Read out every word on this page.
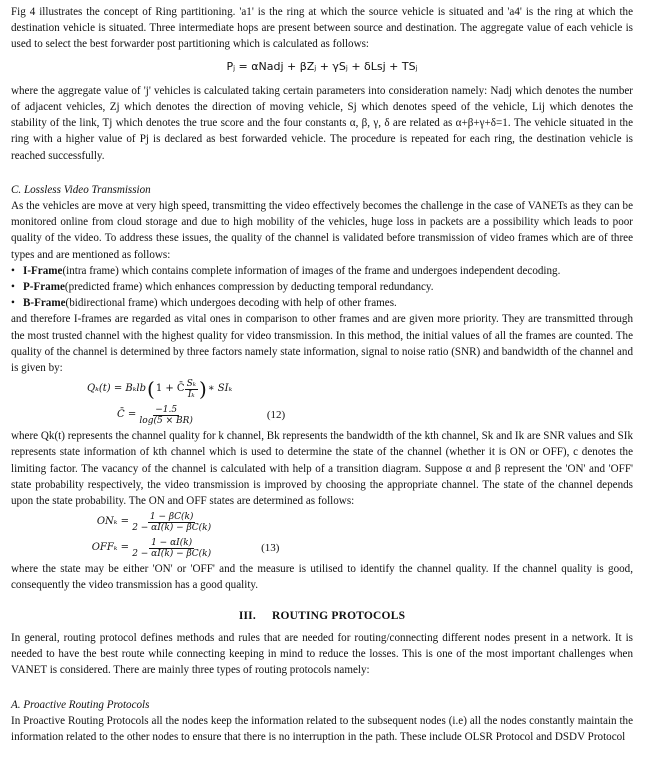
Fig 4 illustrates the concept of Ring partitioning. 'a1' is the ring at which the source vehicle is situated and 'a4' is the ring at which the destination vehicle is situated. Three intermediate hops are present between source and destination. The aggregate value of each vehicle is used to select the best forwarder post partitioning which is calculated as follows:

Pⱼ = αNadj + βZⱼ + γSⱼ + δLsj + TSⱼ

where the aggregate value of 'j' vehicles is calculated taking certain parameters into consideration namely: Nadj which denotes the number of adjacent vehicles, Zj which denotes the direction of moving vehicle, Sj which denotes speed of the vehicle, Lij which denotes the stability of the link, Tj which denotes the true score and the four constants α, β, γ, δ are related as α+β+γ+δ=1. The vehicle situated in the ring with a higher value of Pj is declared as best forwarded vehicle. The procedure is repeated for each ring, the destination vehicle is reached successfully.

C. Lossless Video Transmission

As the vehicles are move at very high speed, transmitting the video effectively becomes the challenge in the case of VANETs as they can be monitored online from cloud storage and due to high mobility of the vehicles, huge loss in packets are a possibility which leads to poor quality of the video. To address these issues, the quality of the channel is validated before transmission of video frames which are of three types and are mentioned as follows:

• I-Frame(intra frame) which contains complete information of images of the frame and undergoes independent decoding.
• P-Frame(predicted frame) which enhances compression by deducting temporal redundancy.
• B-Frame(bidirectional frame) which undergoes decoding with help of other frames.

and therefore I-frames are regarded as vital ones in comparison to other frames and are given more priority. They are transmitted through the most trusted channel with the highest quality for video transmission. In this method, the initial values of all the frames are counted. The quality of the channel is determined by three factors namely state information, signal to noise ratio (SNR) and bandwidth of the channel and is given by:

Qₖ(t) = Bₖlb ( 1 + C̄ $\frac{\text{Sₖ}}{\text{Iₖ}}$ ) ∗ SIₖ
C̄ =
$\frac{-1.5}{\log(5 \times BR)}$	(12)

where Qk(t) represents the channel quality for k channel, Bk represents the bandwidth of the kth channel, Sk and Ik are SNR values and SIk represents state information of kth channel which is used to determine the state of the channel (whether it is ON or OFF), c denotes the limiting factor. The vacancy of the channel is calculated with help of a transition diagram. Suppose α and β represent the 'ON' and 'OFF' state probability respectively, the video transmission is improved by choosing the appropriate channel. The state of the channel depends upon the state probability. The ON and OFF states are determined as follows:

ONₖ =
$\frac{1 - \beta C(k)}{2 - \alpha I(k) - \beta C(k)}$
OFFₖ =
$\frac{1 - \alpha I(k)}{2 - \alpha I(k) - \beta C(k)}$	(13)

where the state may be either 'ON' or 'OFF' and the measure is utilised to identify the channel quality. If the channel quality is good, consequently the video transmission has a good quality.

III. ROUTING PROTOCOLS

In general, routing protocol defines methods and rules that are needed for routing/connecting different nodes present in a network. It is needed to have the best route while connecting keeping in mind to reduce the losses. This is one of the most important challenges when VANET is considered. There are mainly three types of routing protocols namely:

A. Proactive Routing Protocols

In Proactive Routing Protocols all the nodes keep the information related to the subsequent nodes (i.e) all the nodes constantly maintain the information related to the other nodes to ensure that there is no interruption in the path. These include OLSR Protocol and DSDV Protocol
